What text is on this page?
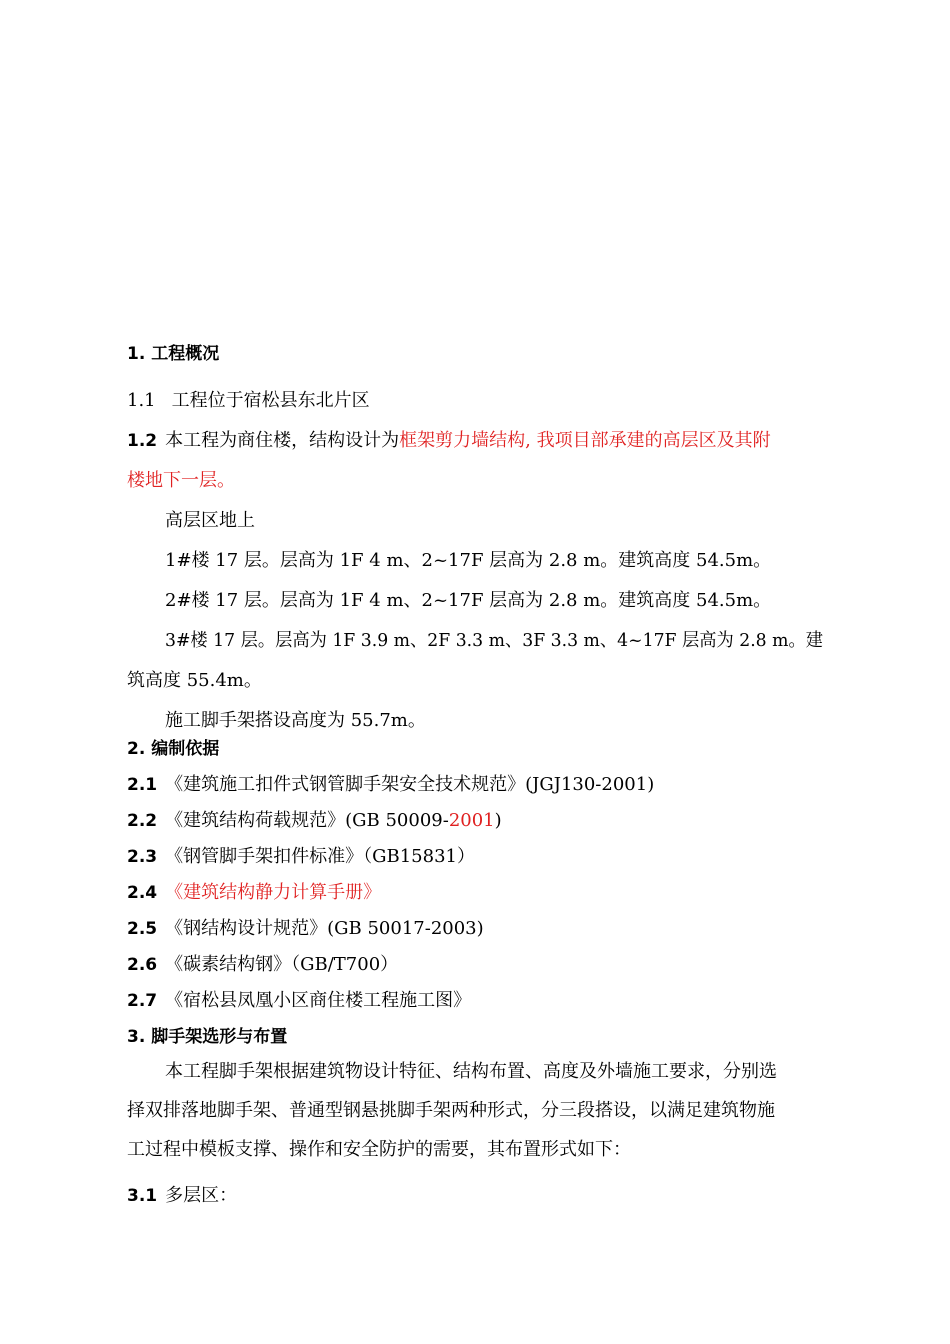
1. 工程概况
1.1 工程位于宿松县东北片区
1.2 本工程为商住楼，结构设计为框架剪力墙结构, 我项目部承建的高层区及其附
楼地下一层。
高层区地上
1#楼 17 层。层高为 1F 4 m、2~17F 层高为 2.8 m。建筑高度 54.5m。
2#楼 17 层。层高为 1F 4 m、2~17F 层高为 2.8 m。建筑高度 54.5m。
3#楼 17 层。层高为 1F 3.9 m、2F 3.3 m、3F 3.3 m、4~17F 层高为 2.8 m。建
筑高度 55.4m。
施工脚手架搭设高度为 55.7m。
2. 编制依据
2.1 《建筑施工扣件式钢管脚手架安全技术规范》(JGJ130-2001)
2.2 《建筑结构荷载规范》(GB 50009-2001)
2.3 《钢管脚手架扣件标准》（GB15831）
2.4 《建筑结构静力计算手册》
2.5 《钢结构设计规范》(GB 50017-2003)
2.6 《碳素结构钢》（GB/T700）
2.7 《宿松县凤凰小区商住楼工程施工图》
3. 脚手架选形与布置
本工程脚手架根据建筑物设计特征、结构布置、高度及外墙施工要求，分别选
择双排落地脚手架、普通型钢悬挑脚手架两种形式，分三段搭设，以满足建筑物施
工过程中模板支撑、操作和安全防护的需要，其布置形式如下：
3.1 多层区：
